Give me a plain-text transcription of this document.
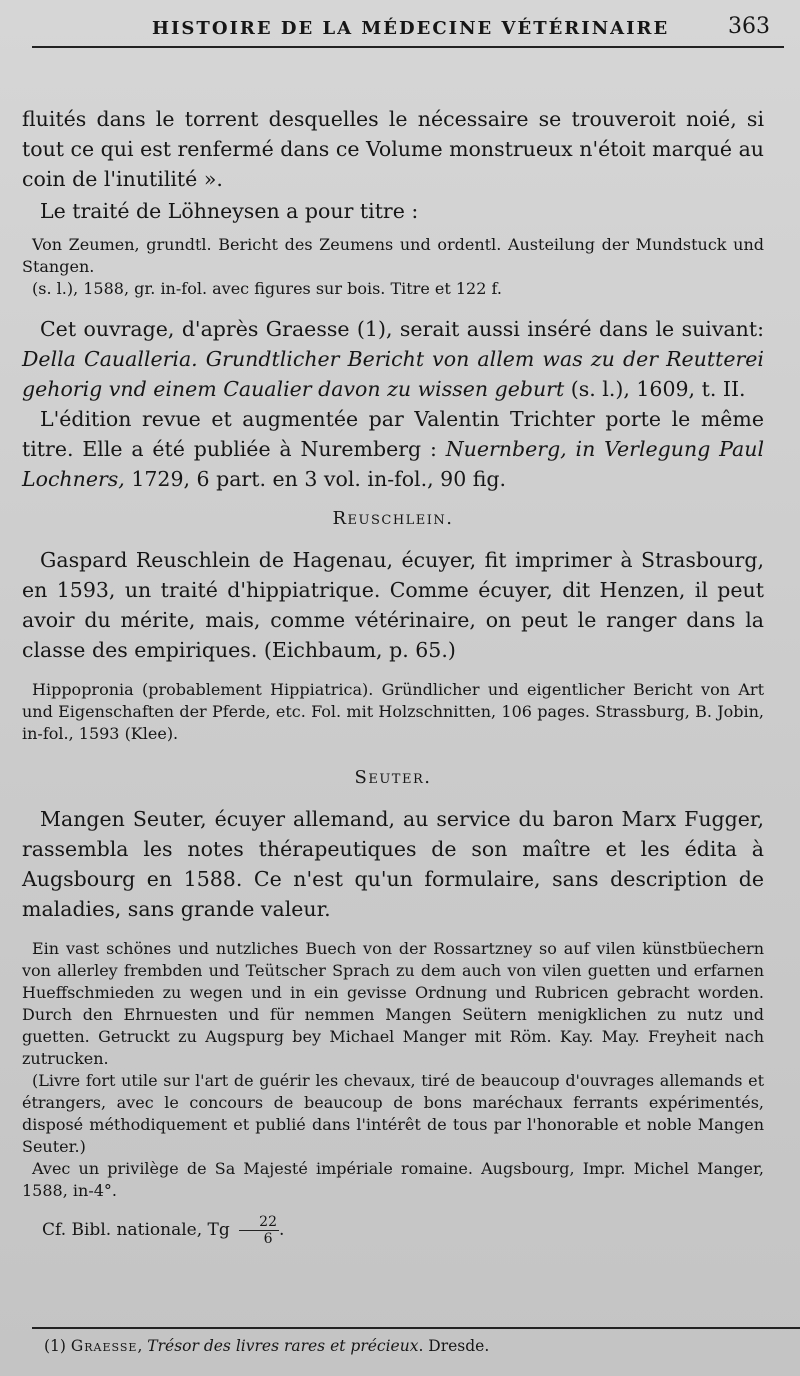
HISTOIRE DE LA MÉDECINE VÉTÉRINAIRE	363

fluités dans le torrent desquelles le nécessaire se trouveroit noié, si tout ce qui est renfermé dans ce Volume monstrueux n'étoit marqué au coin de l'inutilité ».

Le traité de Löhneysen a pour titre :

Von Zeumen, grundtl. Bericht des Zeumens und ordentl. Austeilung der Mundstuck und Stangen.

(s. l.), 1588, gr. in-fol. avec figures sur bois. Titre et 122 f.

Cet ouvrage, d'après Graesse (1), serait aussi inséré dans le suivant: Della Caualleria. Grundtlicher Bericht von allem was zu der Reutterei gehorig vnd einem Caualier davon zu wissen geburt (s. l.), 1609, t. II.

L'édition revue et augmentée par Valentin Trichter porte le même titre. Elle a été publiée à Nuremberg : Nuernberg, in Verlegung Paul Lochners, 1729, 6 part. en 3 vol. in-fol., 90 fig.

Reuschlein.

Gaspard Reuschlein de Hagenau, écuyer, fit imprimer à Strasbourg, en 1593, un traité d'hippiatrique. Comme écuyer, dit Henzen, il peut avoir du mérite, mais, comme vétérinaire, on peut le ranger dans la classe des empiriques. (Eichbaum, p. 65.)

Hippopronia (probablement Hippiatrica). Gründlicher und eigentlicher Bericht von Art und Eigenschaften der Pferde, etc. Fol. mit Holzschnitten, 106 pages. Strassburg, B. Jobin, in-fol., 1593 (Klee).

Seuter.

Mangen Seuter, écuyer allemand, au service du baron Marx Fugger, rassembla les notes thérapeutiques de son maître et les édita à Augsbourg en 1588. Ce n'est qu'un formulaire, sans description de maladies, sans grande valeur.

Ein vast schönes und nutzliches Buech von der Rossartzney so auf vilen künstbüechern von allerley frembden und Teütscher Sprach zu dem auch von vilen guetten und erfarnen Hueffschmieden zu wegen und in ein gevisse Ordnung und Rubricen gebracht worden. Durch den Ehrnuesten und für nemmen Mangen Seütern menigklichen zu nutz und guetten. Getruckt zu Augspurg bey Michael Manger mit Röm. Kay. May. Freyheit nach zutrucken.

(Livre fort utile sur l'art de guérir les chevaux, tiré de beaucoup d'ouvrages allemands et étrangers, avec le concours de beaucoup de bons maréchaux ferrants expérimentés, disposé méthodiquement et publié dans l'intérêt de tous par l'honorable et noble Mangen Seuter.)

Avec un privilège de Sa Majesté impériale romaine. Augsbourg, Impr. Michel Manger, 1588, in-4°.

Cf. Bibl. nationale, Tg $\frac{22}{6}$ .

(1) Graesse, Trésor des livres rares et précieux. Dresde.
